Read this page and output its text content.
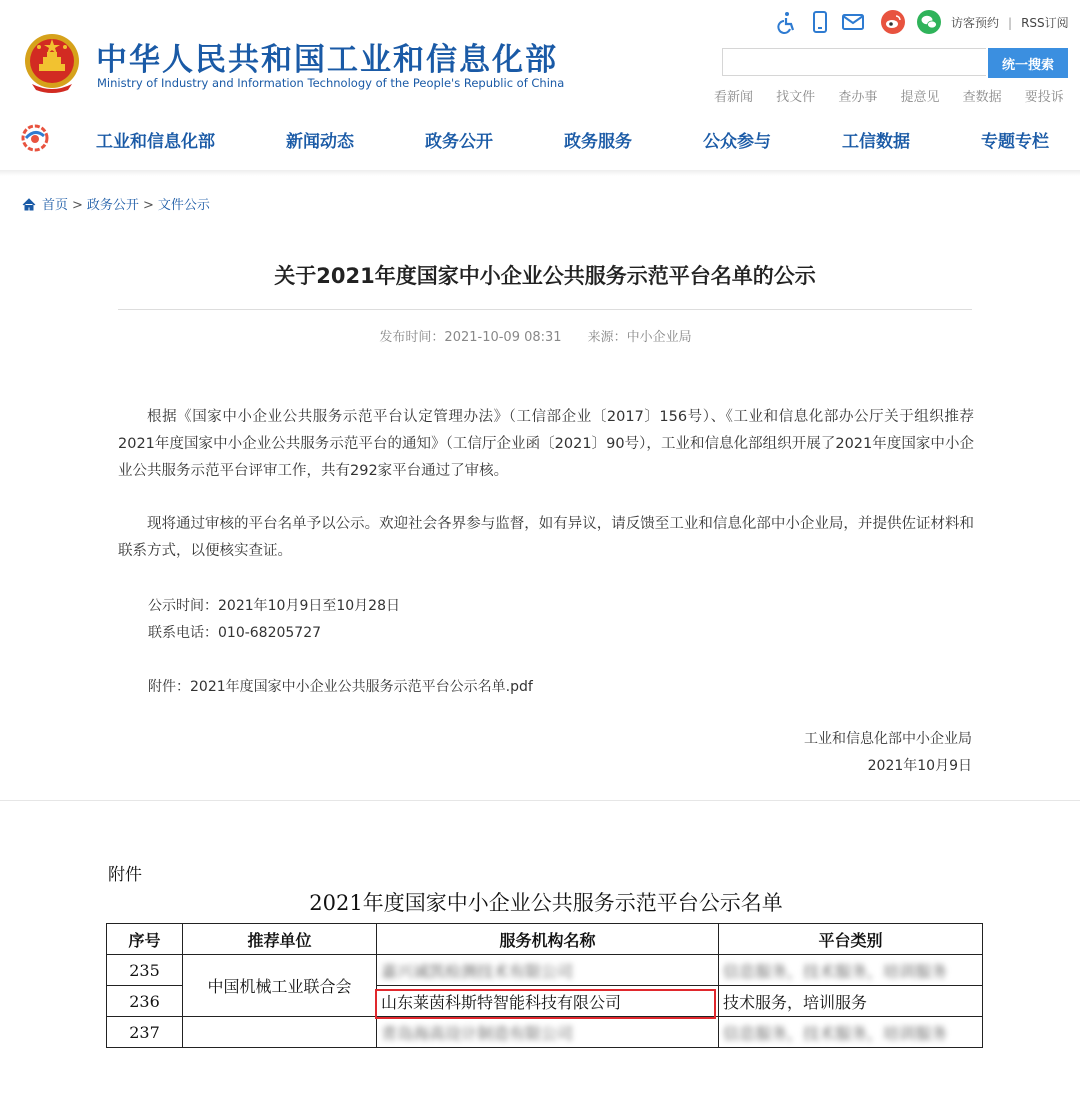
中华人民共和国工业和信息化部
Ministry of Industry and Information Technology of the People's Republic of China
访客预约 | RSS订阅
统一搜索
看新闻 找文件 查办事 提意见 查数据 要投诉
工业和信息化部	新闻动态	政务公开	政务服务	公众参与	工信数据	专题专栏
首页 > 政务公开 > 文件公示
关于2021年度国家中小企业公共服务示范平台名单的公示
发布时间：2021-10-09 08:31　　来源：中小企业局
根据《国家中小企业公共服务示范平台认定管理办法》（工信部企业〔2017〕156号）、《工业和信息化部办公厅关于组织推荐2021年度国家中小企业公共服务示范平台的通知》（工信厅企业函〔2021〕90号），工业和信息化部组织开展了2021年度国家中小企业公共服务示范平台评审工作，共有292家平台通过了审核。
现将通过审核的平台名单予以公示。欢迎社会各界参与监督，如有异议，请反馈至工业和信息化部中小企业局，并提供佐证材料和联系方式，以便核实查证。
公示时间：2021年10月9日至10月28日
联系电话：010-68205727
附件：2021年度国家中小企业公共服务示范平台公示名单.pdf
工业和信息化部中小企业局
2021年10月9日
附件
2021年度国家中小企业公共服务示范平台公示名单
序号	推荐单位	服务机构名称	平台类别
235	中国机械工业联合会	嘉兴诚凯检测技术有限公司	信息服务，技术服务，培训服务
236		山东莱茵科斯特智能科技有限公司	技术服务，培训服务
237		青岛海高设计制造有限公司	信息服务，技术服务，培训服务
